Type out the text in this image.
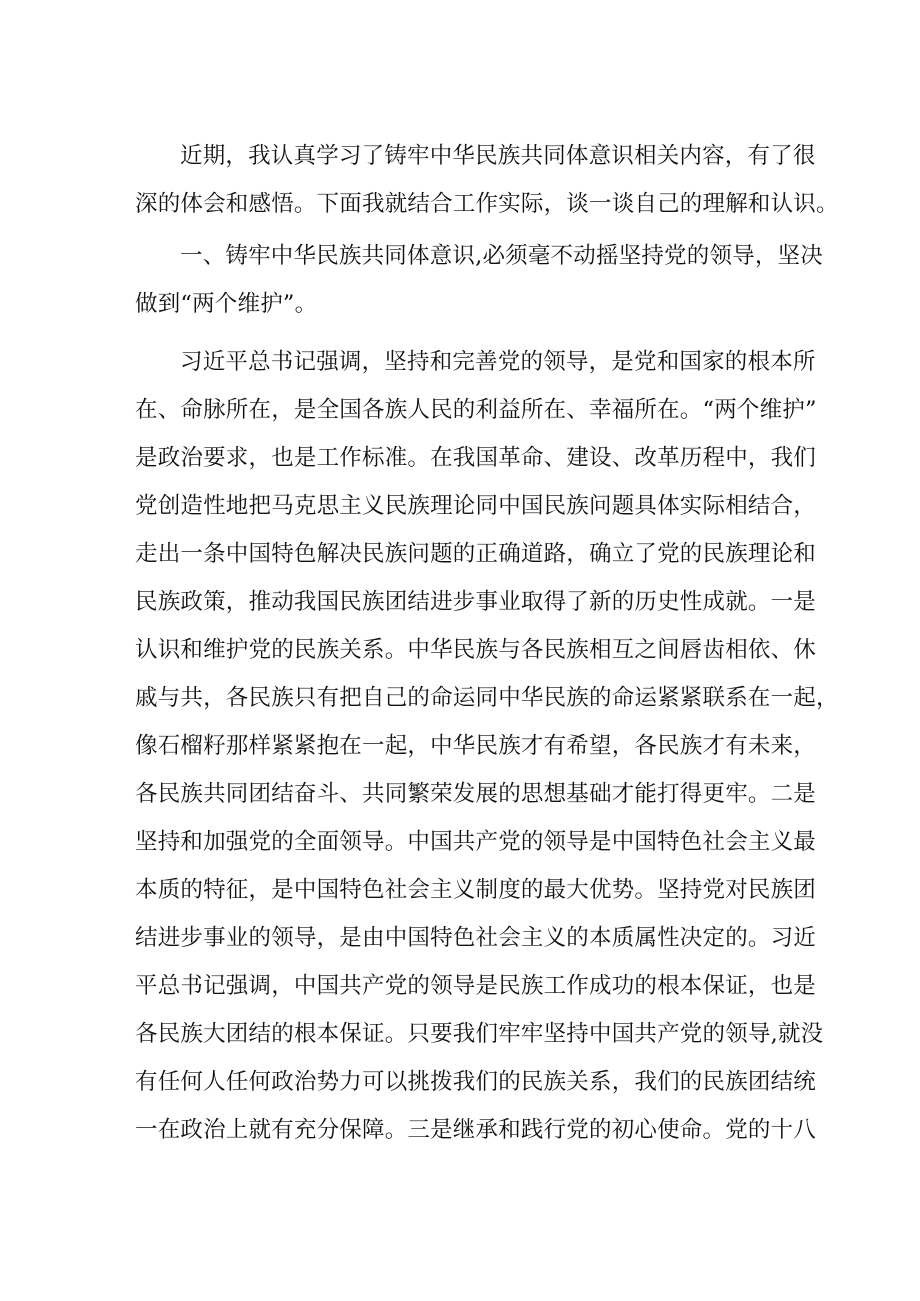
近期，我认真学习了铸牢中华民族共同体意识相关内容，有了很
深的体会和感悟。下面我就结合工作实际，谈一谈自己的理解和认识。
一、铸牢中华民族共同体意识,必须毫不动摇坚持党的领导，坚决
做到“两个维护”。
习近平总书记强调，坚持和完善党的领导，是党和国家的根本所
在、命脉所在，是全国各族人民的利益所在、幸福所在。“两个维护”
是政治要求，也是工作标准。在我国革命、建设、改革历程中，我们
党创造性地把马克思主义民族理论同中国民族问题具体实际相结合，
走出一条中国特色解决民族问题的正确道路，确立了党的民族理论和
民族政策，推动我国民族团结进步事业取得了新的历史性成就。一是
认识和维护党的民族关系。中华民族与各民族相互之间唇齿相依、休
戚与共，各民族只有把自己的命运同中华民族的命运紧紧联系在一起，
像石榴籽那样紧紧抱在一起，中华民族才有希望，各民族才有未来，
各民族共同团结奋斗、共同繁荣发展的思想基础才能打得更牢。二是
坚持和加强党的全面领导。中国共产党的领导是中国特色社会主义最
本质的特征，是中国特色社会主义制度的最大优势。坚持党对民族团
结进步事业的领导，是由中国特色社会主义的本质属性决定的。习近
平总书记强调，中国共产党的领导是民族工作成功的根本保证，也是
各民族大团结的根本保证。只要我们牢牢坚持中国共产党的领导,就没
有任何人任何政治势力可以挑拨我们的民族关系，我们的民族团结统
一在政治上就有充分保障。三是继承和践行党的初心使命。党的十八
